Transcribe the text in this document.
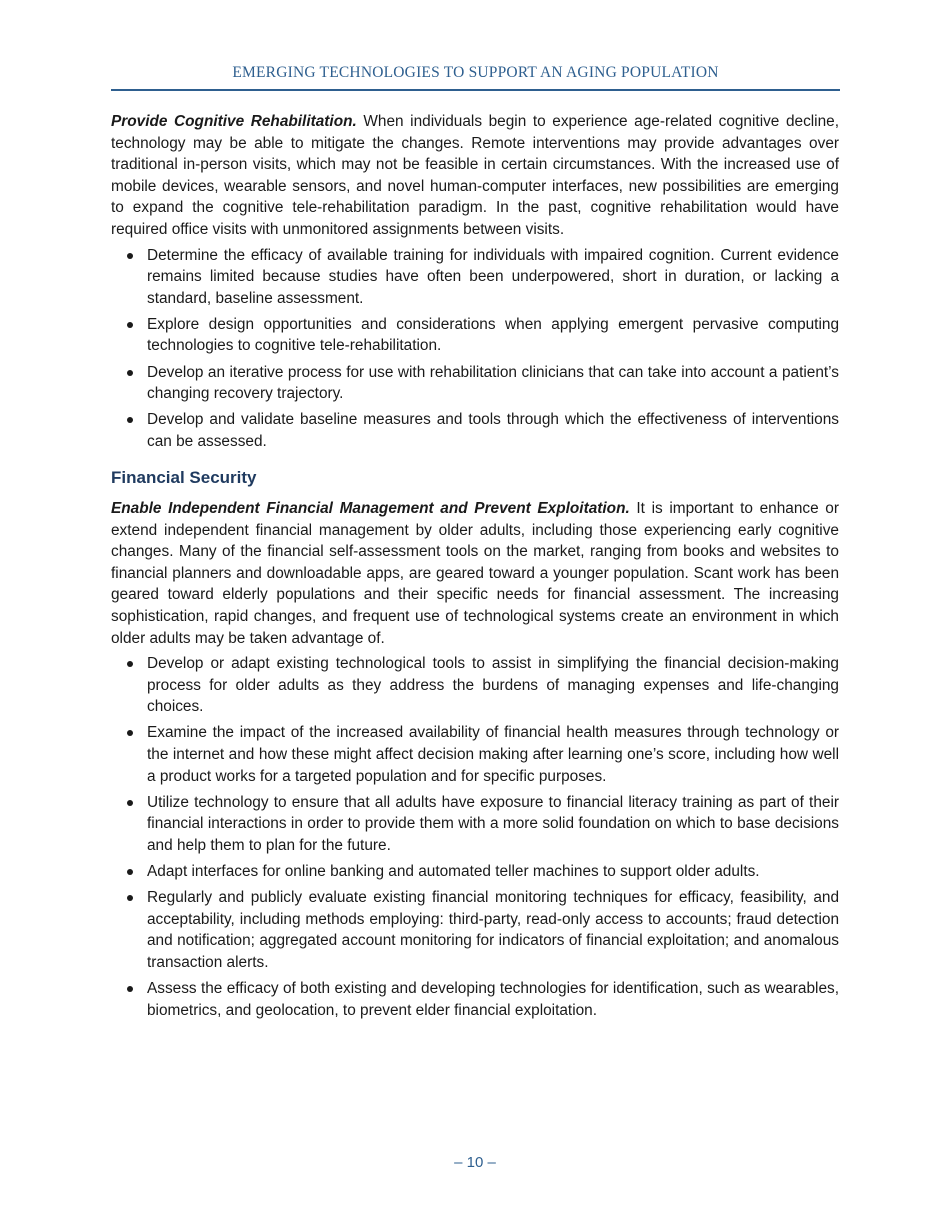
EMERGING TECHNOLOGIES TO SUPPORT AN AGING POPULATION

Provide Cognitive Rehabilitation. When individuals begin to experience age-related cognitive decline, technology may be able to mitigate the changes. Remote interventions may provide advantages over traditional in-person visits, which may not be feasible in certain circumstances. With the increased use of mobile devices, wearable sensors, and novel human-computer interfaces, new possibilities are emerging to expand the cognitive tele-rehabilitation paradigm. In the past, cognitive rehabilitation would have required office visits with unmonitored assignments between visits.

Determine the efficacy of available training for individuals with impaired cognition. Current evidence remains limited because studies have often been underpowered, short in duration, or lacking a standard, baseline assessment.
Explore design opportunities and considerations when applying emergent pervasive computing technologies to cognitive tele-rehabilitation.
Develop an iterative process for use with rehabilitation clinicians that can take into account a patient’s changing recovery trajectory.
Develop and validate baseline measures and tools through which the effectiveness of interventions can be assessed.
Financial Security

Enable Independent Financial Management and Prevent Exploitation. It is important to enhance or extend independent financial management by older adults, including those experiencing early cognitive changes. Many of the financial self-assessment tools on the market, ranging from books and websites to financial planners and downloadable apps, are geared toward a younger population. Scant work has been geared toward elderly populations and their specific needs for financial assessment. The increasing sophistication, rapid changes, and frequent use of technological systems create an environment in which older adults may be taken advantage of.

Develop or adapt existing technological tools to assist in simplifying the financial decision-making process for older adults as they address the burdens of managing expenses and life-changing choices.
Examine the impact of the increased availability of financial health measures through technology or the internet and how these might affect decision making after learning one’s score, including how well a product works for a targeted population and for specific purposes.
Utilize technology to ensure that all adults have exposure to financial literacy training as part of their financial interactions in order to provide them with a more solid foundation on which to base decisions and help them to plan for the future.
Adapt interfaces for online banking and automated teller machines to support older adults.
Regularly and publicly evaluate existing financial monitoring techniques for efficacy, feasibility, and acceptability, including methods employing: third-party, read-only access to accounts; fraud detection and notification; aggregated account monitoring for indicators of financial exploitation; and anomalous transaction alerts.
Assess the efficacy of both existing and developing technologies for identification, such as wearables, biometrics, and geolocation, to prevent elder financial exploitation.
– 10 –
